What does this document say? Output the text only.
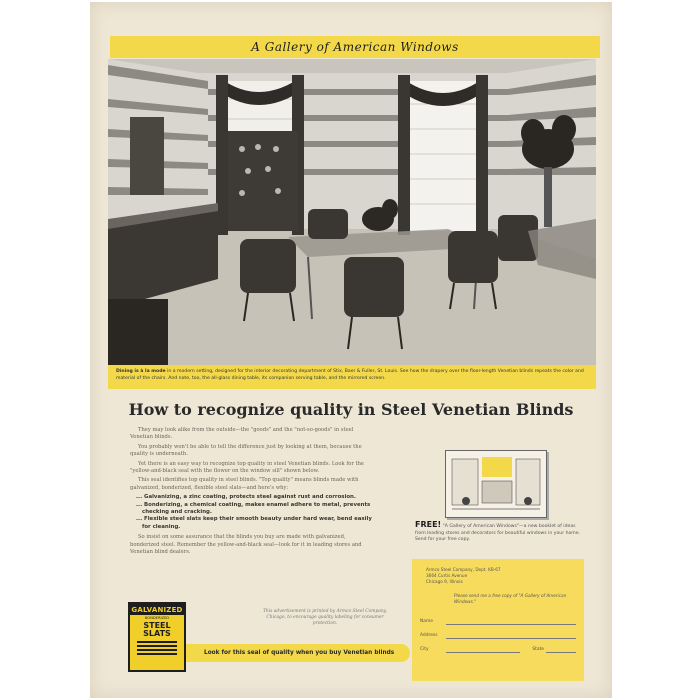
A Gallery of American Windows
Dining is à la mode in a modern setting, designed for the interior decorating department of Stix, Baer & Fuller, St. Louis. See how the drapery over the floor-length Venetian blinds repeats the color and material of the chairs. And note, too, the all-glass dining table, its companion serving table, and the mirrored screen.
How to recognize quality in Steel Venetian Blinds

They may look alike from the outside—the "goods" and the "not-so-goods" in steel Venetian blinds.

You probably won't be able to tell the difference just by looking at them, because the quality is underneath.

Yet there is an easy way to recognize top quality in steel Venetian blinds. Look for the "yellow-and-black seal with the flower on the window sill" shown below.

This seal identifies top quality in steel blinds. "Top quality" means blinds made with galvanized, bonderized, flexible steel slats—and here's why:

... Galvanizing, a zinc coating, protects steel against rust and corrosion.
... Bonderizing, a chemical coating, makes enamel adhere to metal, prevents checking and cracking.
... Flexible steel slats keep their smooth beauty under hard wear, bend easily for cleaning.

So insist on some assurance that the blinds you buy are made with galvanized, bonderized steel. Remember the yellow-and-black seal—look for it in leading stores and Venetian blind dealers.

This advertisement is printed by Armco Steel Company, Chicago, to encourage quality labeling for consumer protection.
GALVANIZED
BONDERIZED
STEEL
SLATS
Look for this seal of quality when you buy Venetian blinds
FREE! "A Gallery of American Windows"—a new booklet of ideas from leading stores and decorators for beautiful windows in your home. Send for your free copy.
Armco Steel Company, Dept. KB-67
3664 Curtis Avenue
Chicago 9, Illinois
Please send me a free copy of "A Gallery of American Windows."
Name
Address
City	State
